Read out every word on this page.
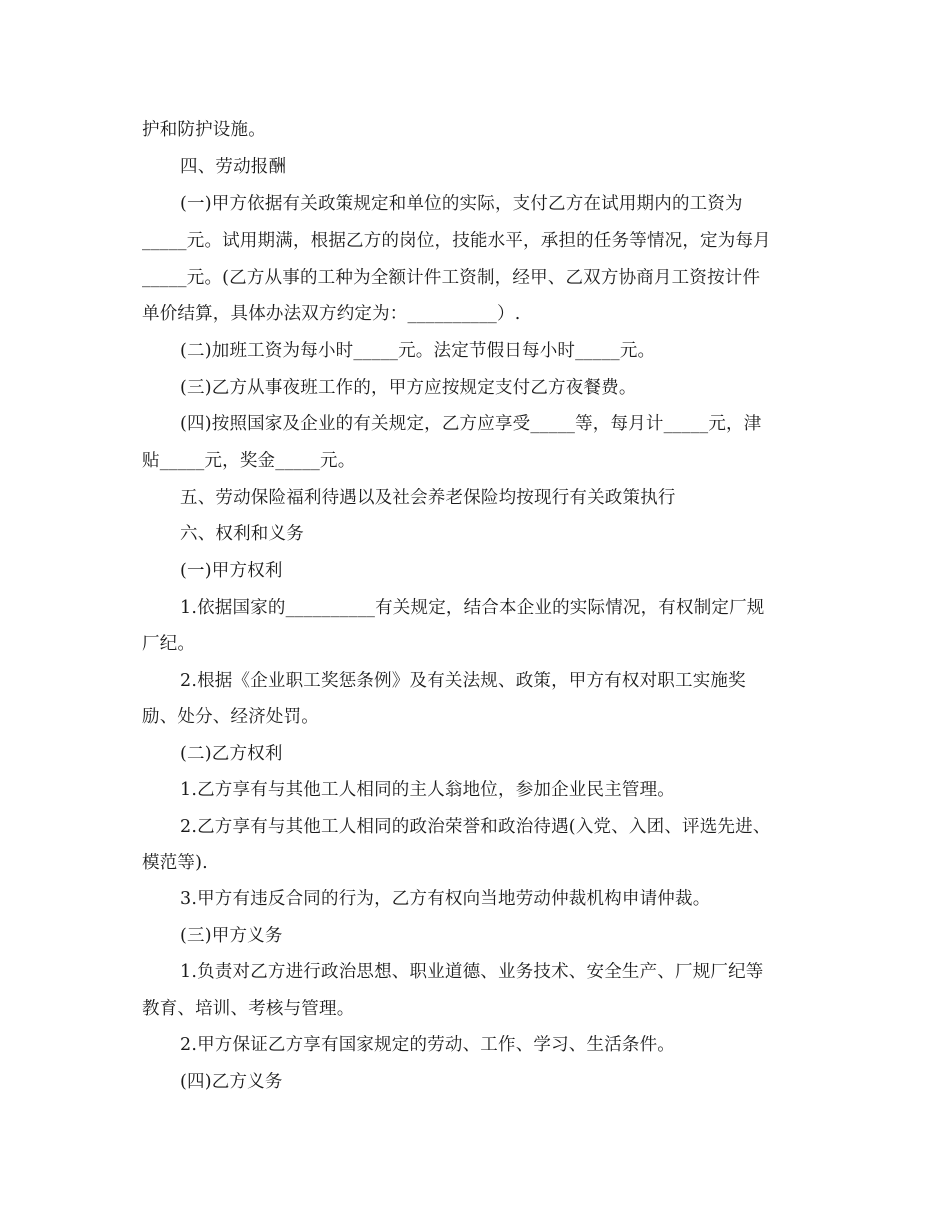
护和防护设施。
四、劳动报酬
(一)甲方依据有关政策规定和单位的实际，支付乙方在试用期内的工资为
_____元。试用期满，根据乙方的岗位，技能水平，承担的任务等情况，定为每月
_____元。(乙方从事的工种为全额计件工资制，经甲、乙双方协商月工资按计件
单价结算，具体办法双方约定为：__________）.
(二)加班工资为每小时_____元。法定节假日每小时_____元。
(三)乙方从事夜班工作的，甲方应按规定支付乙方夜餐费。
(四)按照国家及企业的有关规定，乙方应享受_____等，每月计_____元，津
贴_____元，奖金_____元。
五、劳动保险福利待遇以及社会养老保险均按现行有关政策执行
六、权利和义务
(一)甲方权利
1.依据国家的__________有关规定，结合本企业的实际情况，有权制定厂规
厂纪。
2.根据《企业职工奖惩条例》及有关法规、政策，甲方有权对职工实施奖
励、处分、经济处罚。
(二)乙方权利
1.乙方享有与其他工人相同的主人翁地位，参加企业民主管理。
2.乙方享有与其他工人相同的政治荣誉和政治待遇(入党、入团、评选先进、
模范等).
3.甲方有违反合同的行为，乙方有权向当地劳动仲裁机构申请仲裁。
(三)甲方义务
1.负责对乙方进行政治思想、职业道德、业务技术、安全生产、厂规厂纪等
教育、培训、考核与管理。
2.甲方保证乙方享有国家规定的劳动、工作、学习、生活条件。
(四)乙方义务
